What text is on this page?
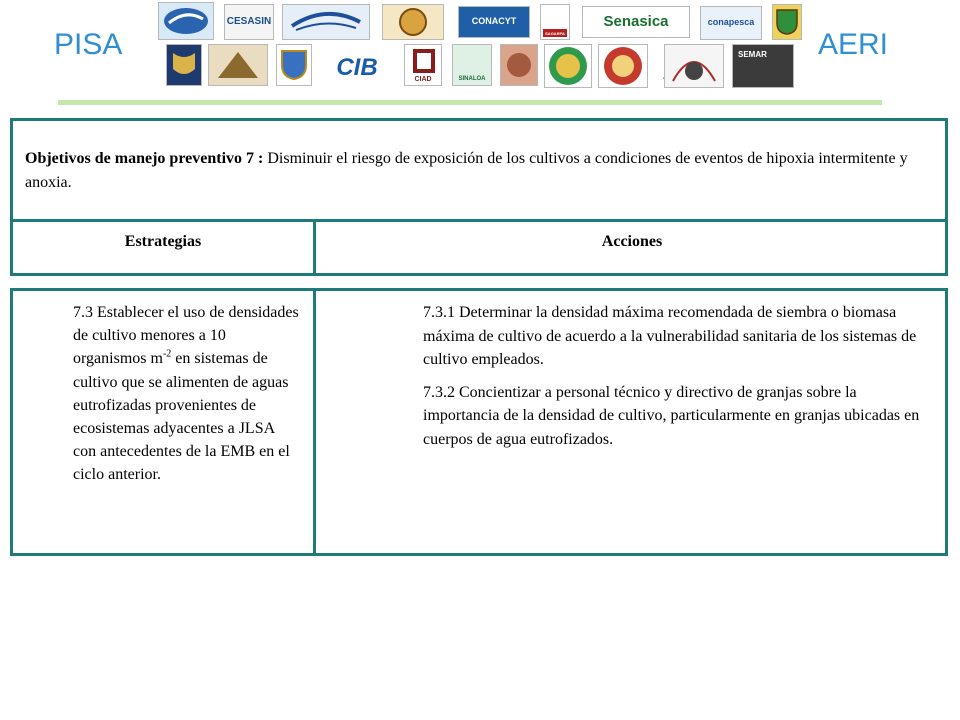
PISA	AERI
CESASIN	CONACYT
SAGARPA
Senasica	conapesca
CIB	CIAD	SINALOA
SEMAR

Objetivos de manejo preventivo 7 : Disminuir el riesgo de exposición de los cultivos a condiciones de eventos de hipoxia intermitente y anoxia.

Estrategias	Acciones
7.3 Establecer el uso de densidades de cultivo menores a 10 organismos $m^{-2}$ en sistemas de cultivo que se alimenten de aguas eutrofizadas provenientes de ecosistemas adyacentes a JLSA con antecedentes de la EMB en el ciclo anterior.

7.3.1 Determinar la densidad máxima recomendada de siembra o biomasa máxima de cultivo de acuerdo a la vulnerabilidad sanitaria de los sistemas de cultivo empleados.

7.3.2 Concientizar a personal técnico y directivo de granjas sobre la importancia de la densidad de cultivo, particularmente en granjas ubicadas en cuerpos de agua eutrofizados.
